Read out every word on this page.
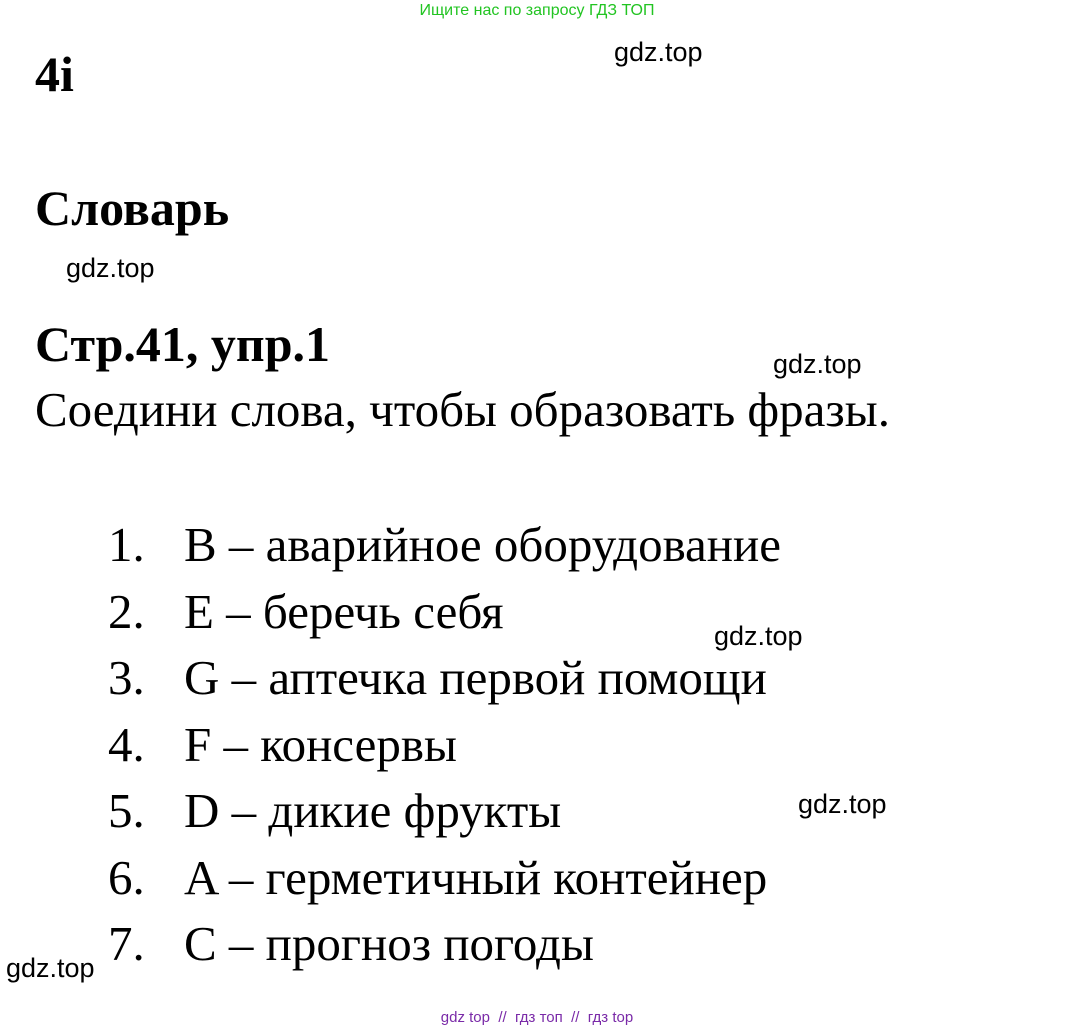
Ищите нас по запросу ГДЗ ТОП
gdz.top
gdz.top
gdz.top
gdz.top
gdz.top
gdz.top
4i
Словарь
Стр.41, упр.1
Соедини слова, чтобы образовать фразы.
1. B – аварийное оборудование
2. E – беречь себя
3. G – аптечка первой помощи
4. F – консервы
5. D – дикие фрукты
6. A – герметичный контейнер
7. C – прогноз погоды
gdz top  //  гдз топ  //  гдз top
